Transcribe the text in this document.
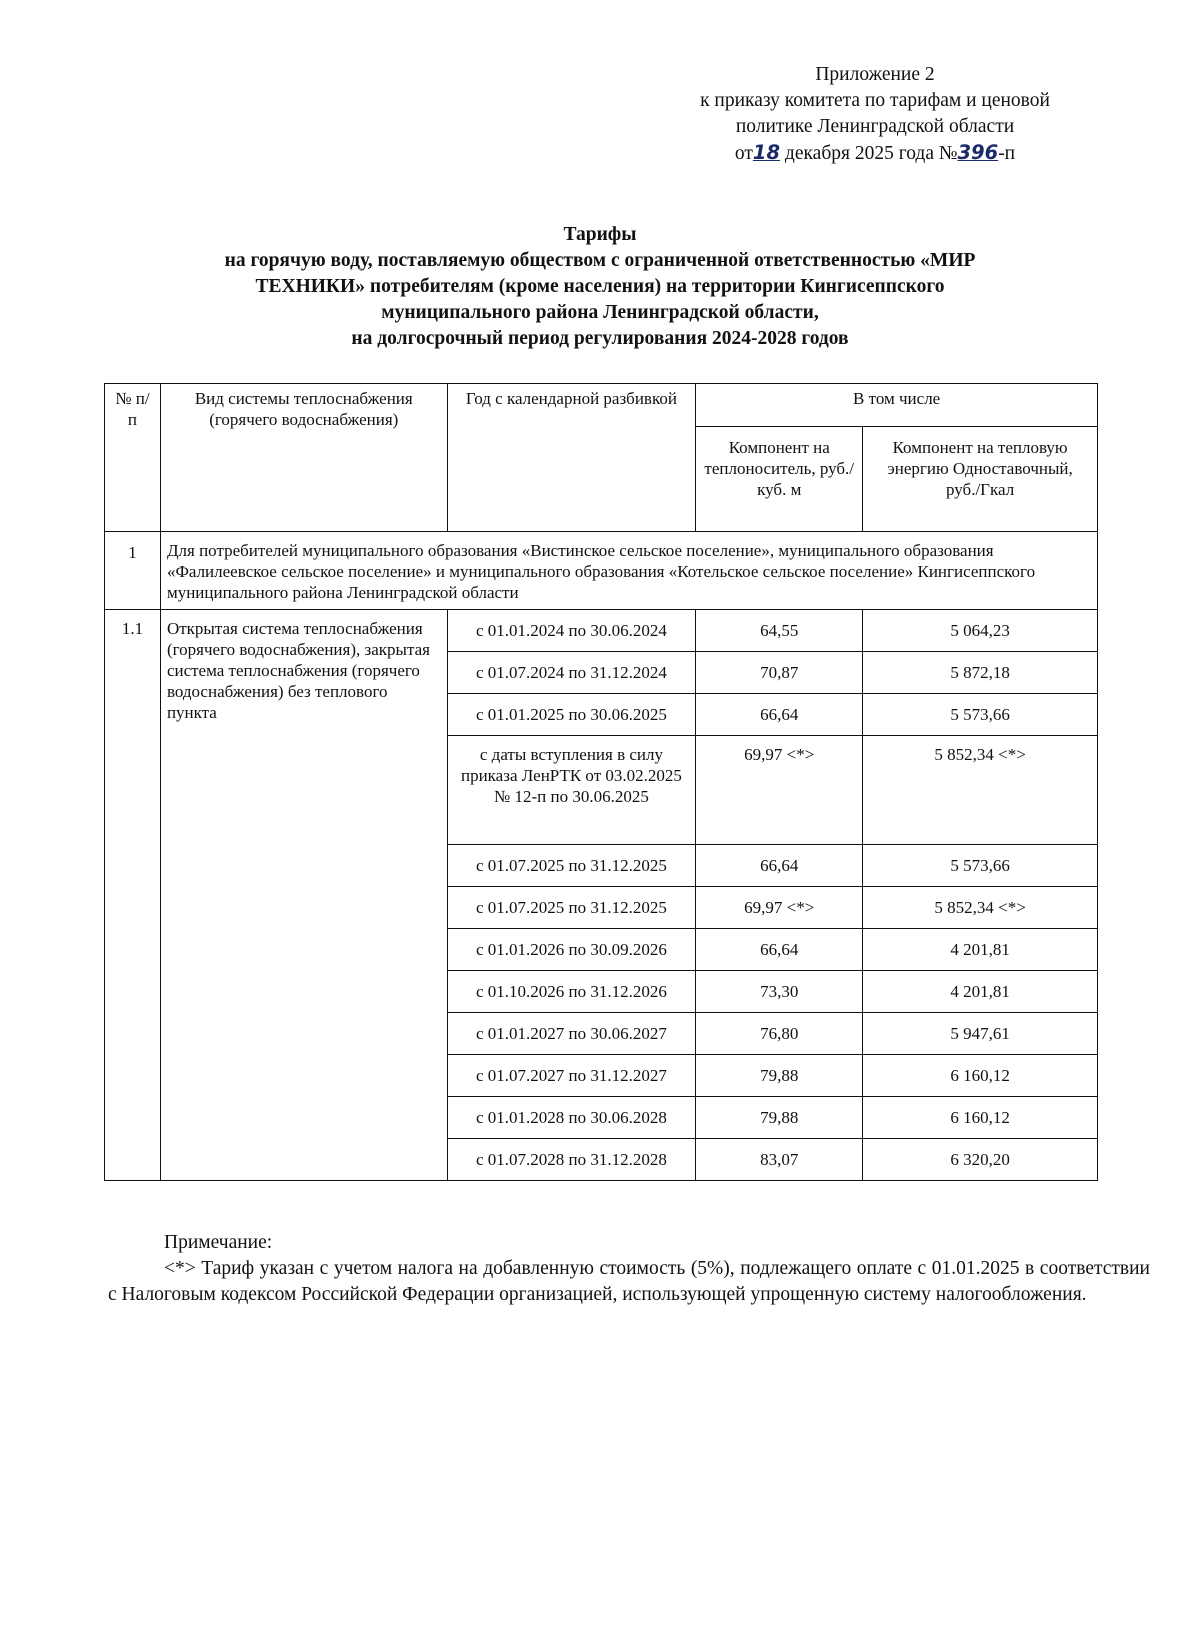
Приложение 2
к приказу комитета по тарифам и ценовой
политике Ленинградской области
от18 декабря 2025 года №396-п
Тарифы
на горячую воду, поставляемую обществом с ограниченной ответственностью «МИР
ТЕХНИКИ» потребителям (кроме населения) на территории Кингисеппского
муниципального района Ленинградской области,
на долгосрочный период регулирования 2024-2028 годов
№ п/п	Вид системы теплоснабжения (горячего водоснабжения)	Год с календарной разбивкой	В том числе	
			Компонент на теплоноситель, руб./куб. м	Компонент на тепловую энергию Одноставочный, руб./Гкал
1	Для потребителей муниципального образования «Вистинское сельское поселение», муниципального образования «Фалилеевское сельское поселение» и муниципального образования «Котельское сельское поселение» Кингисеппского муниципального района Ленинградской области			
1.1	Открытая система теплоснабжения (горячего водоснабжения), закрытая система теплоснабжения (горячего водоснабжения) без теплового пункта	с 01.01.2024 по 30.06.2024	64,55	5 064,23
		с 01.07.2024 по 31.12.2024	70,87	5 872,18
		с 01.01.2025 по 30.06.2025	66,64	5 573,66
		с даты вступления в силу приказа ЛенРТК от 03.02.2025 № 12-п по 30.06.2025	69,97 <*>	5 852,34 <*>
		с 01.07.2025 по 31.12.2025	66,64	5 573,66
		с 01.07.2025 по 31.12.2025	69,97 <*>	5 852,34 <*>
		с 01.01.2026 по 30.09.2026	66,64	4 201,81
		с 01.10.2026 по 31.12.2026	73,30	4 201,81
		с 01.01.2027 по 30.06.2027	76,80	5 947,61
		с 01.07.2027 по 31.12.2027	79,88	6 160,12
		с 01.01.2028 по 30.06.2028	79,88	6 160,12
		с 01.07.2028 по 31.12.2028	83,07	6 320,20
Примечание:
<*> Тариф указан с учетом налога на добавленную стоимость (5%), подлежащего оплате с 01.01.2025 в соответствии с Налоговым кодексом Российской Федерации организацией, использующей упрощенную систему налогообложения.
